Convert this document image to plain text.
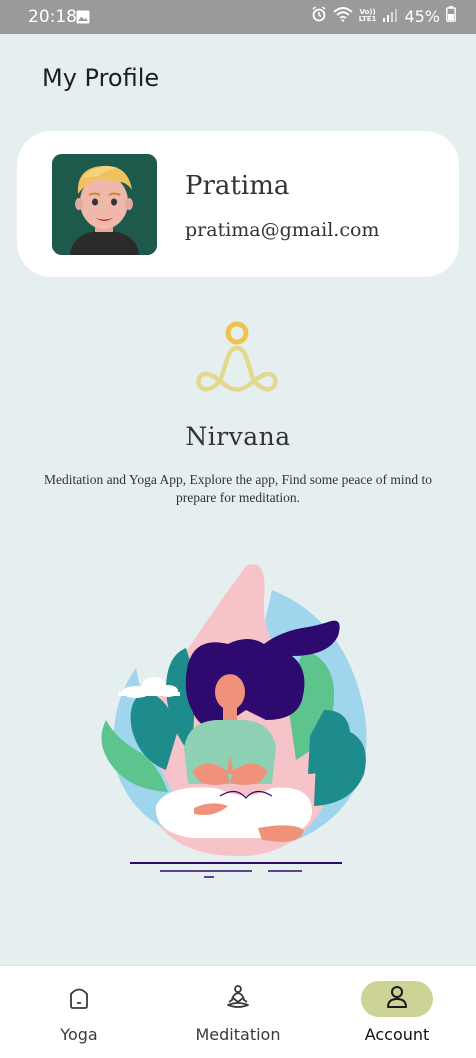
20:18	Vo))
LTE1 45%
My Profile
Pratima
pratima@gmail.com
Nirvana
Meditation and Yoga App, Explore the app, Find some peace of mind to prepare for meditation.
Yoga	Meditation	Account
